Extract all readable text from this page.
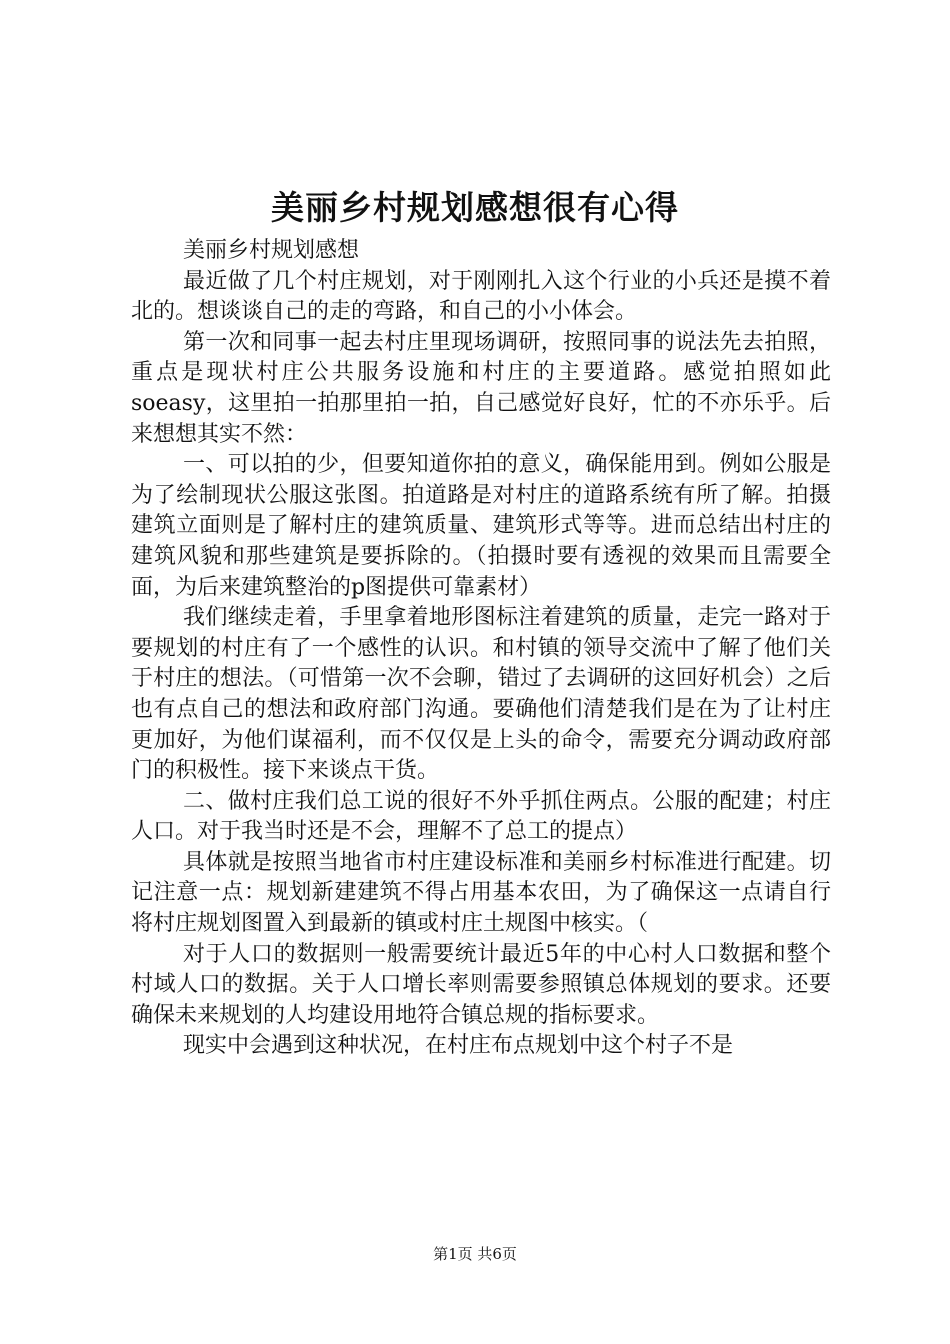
美丽乡村规划感想很有心得

美丽乡村规划感想

最近做了几个村庄规划，对于刚刚扎入这个行业的小兵还是摸不着北的。想谈谈自己的走的弯路，和自己的小小体会。

第一次和同事一起去村庄里现场调研，按照同事的说法先去拍照，重点是现状村庄公共服务设施和村庄的主要道路。感觉拍照如此soeasy，这里拍一拍那里拍一拍，自己感觉好良好，忙的不亦乐乎。后来想想其实不然：

一、可以拍的少，但要知道你拍的意义，确保能用到。例如公服是为了绘制现状公服这张图。拍道路是对村庄的道路系统有所了解。拍摄建筑立面则是了解村庄的建筑质量、建筑形式等等。进而总结出村庄的建筑风貌和那些建筑是要拆除的。（拍摄时要有透视的效果而且需要全面，为后来建筑整治的p图提供可靠素材）

我们继续走着，手里拿着地形图标注着建筑的质量，走完一路对于要规划的村庄有了一个感性的认识。和村镇的领导交流中了解了他们关于村庄的想法。（可惜第一次不会聊，错过了去调研的这回好机会）之后也有点自己的想法和政府部门沟通。要确他们清楚我们是在为了让村庄更加好，为他们谋福利，而不仅仅是上头的命令，需要充分调动政府部门的积极性。接下来谈点干货。

二、做村庄我们总工说的很好不外乎抓住两点。公服的配建；村庄人口。对于我当时还是不会，理解不了总工的提点）

具体就是按照当地省市村庄建设标准和美丽乡村标准进行配建。切记注意一点：规划新建建筑不得占用基本农田，为了确保这一点请自行将村庄规划图置入到最新的镇或村庄土规图中核实。（

对于人口的数据则一般需要统计最近5年的中心村人口数据和整个村域人口的数据。关于人口增长率则需要参照镇总体规划的要求。还要确保未来规划的人均建设用地符合镇总规的指标要求。

现实中会遇到这种状况，在村庄布点规划中这个村子不是

第1页 共6页
